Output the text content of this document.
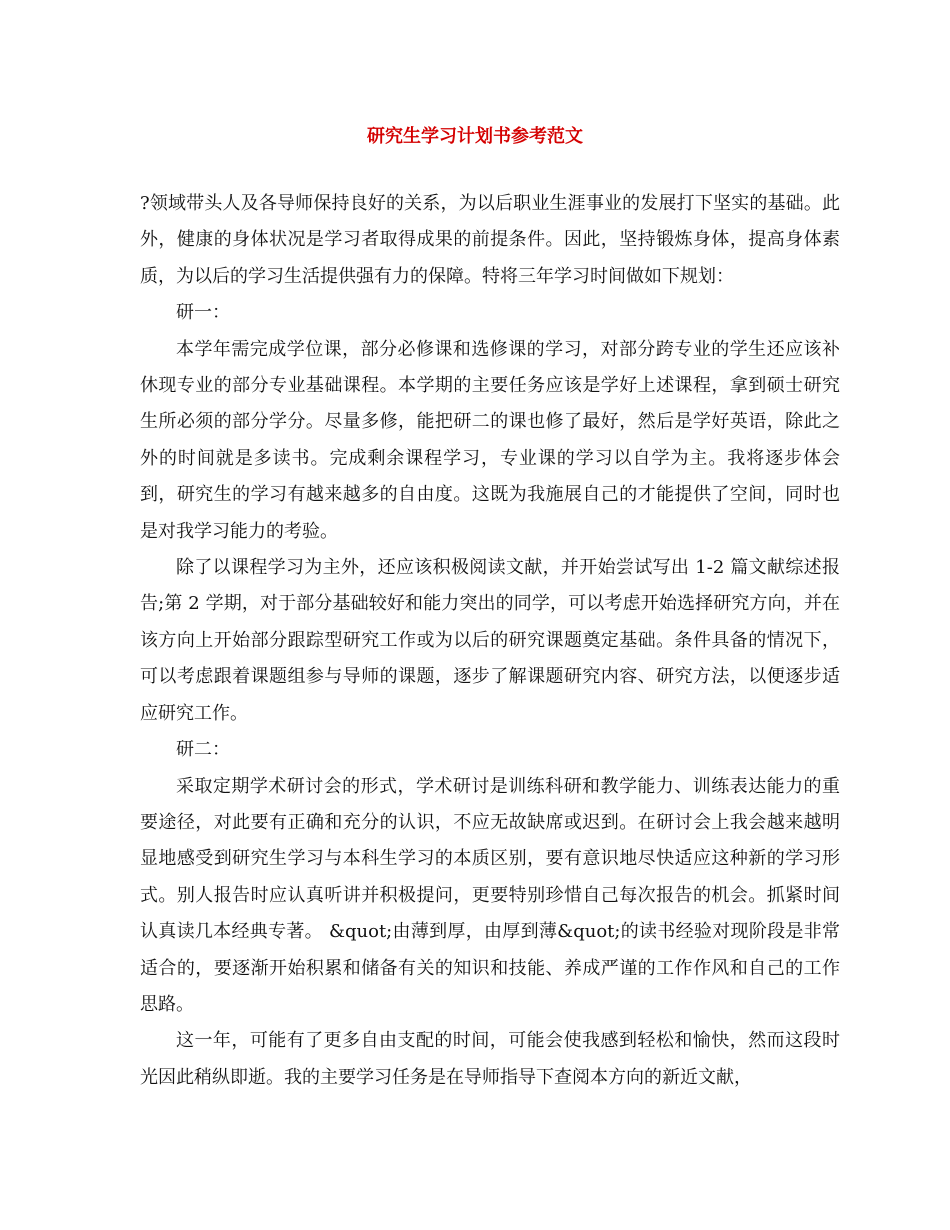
研究生学习计划书参考范文

?领域带头人及各导师保持良好的关系，为以后职业生涯事业的发展打下坚实的基础。此外，健康的身体状况是学习者取得成果的前提条件。因此，坚持锻炼身体，提高身体素质，为以后的学习生活提供强有力的保障。特将三年学习时间做如下规划：

研一：

本学年需完成学位课，部分必修课和选修课的学习，对部分跨专业的学生还应该补休现专业的部分专业基础课程。本学期的主要任务应该是学好上述课程，拿到硕士研究生所必须的部分学分。尽量多修，能把研二的课也修了最好，然后是学好英语，除此之外的时间就是多读书。完成剩余课程学习，专业课的学习以自学为主。我将逐步体会到，研究生的学习有越来越多的自由度。这既为我施展自己的才能提供了空间，同时也是对我学习能力的考验。

除了以课程学习为主外，还应该积极阅读文献，并开始尝试写出 1-2 篇文献综述报告;第 2 学期，对于部分基础较好和能力突出的同学，可以考虑开始选择研究方向，并在该方向上开始部分跟踪型研究工作或为以后的研究课题奠定基础。条件具备的情况下，可以考虑跟着课题组参与导师的课题，逐步了解课题研究内容、研究方法，以便逐步适应研究工作。

研二：

采取定期学术研讨会的形式，学术研讨是训练科研和教学能力、训练表达能力的重要途径，对此要有正确和充分的认识，不应无故缺席或迟到。在研讨会上我会越来越明显地感受到研究生学习与本科生学习的本质区别，要有意识地尽快适应这种新的学习形式。别人报告时应认真听讲并积极提问，更要特别珍惜自己每次报告的机会。抓紧时间认真读几本经典专著。 &quot;由薄到厚，由厚到薄&quot;的读书经验对现阶段是非常适合的，要逐渐开始积累和储备有关的知识和技能、养成严谨的工作作风和自己的工作思路。

这一年，可能有了更多自由支配的时间，可能会使我感到轻松和愉快，然而这段时光因此稍纵即逝。我的主要学习任务是在导师指导下查阅本方向的新近文献，
